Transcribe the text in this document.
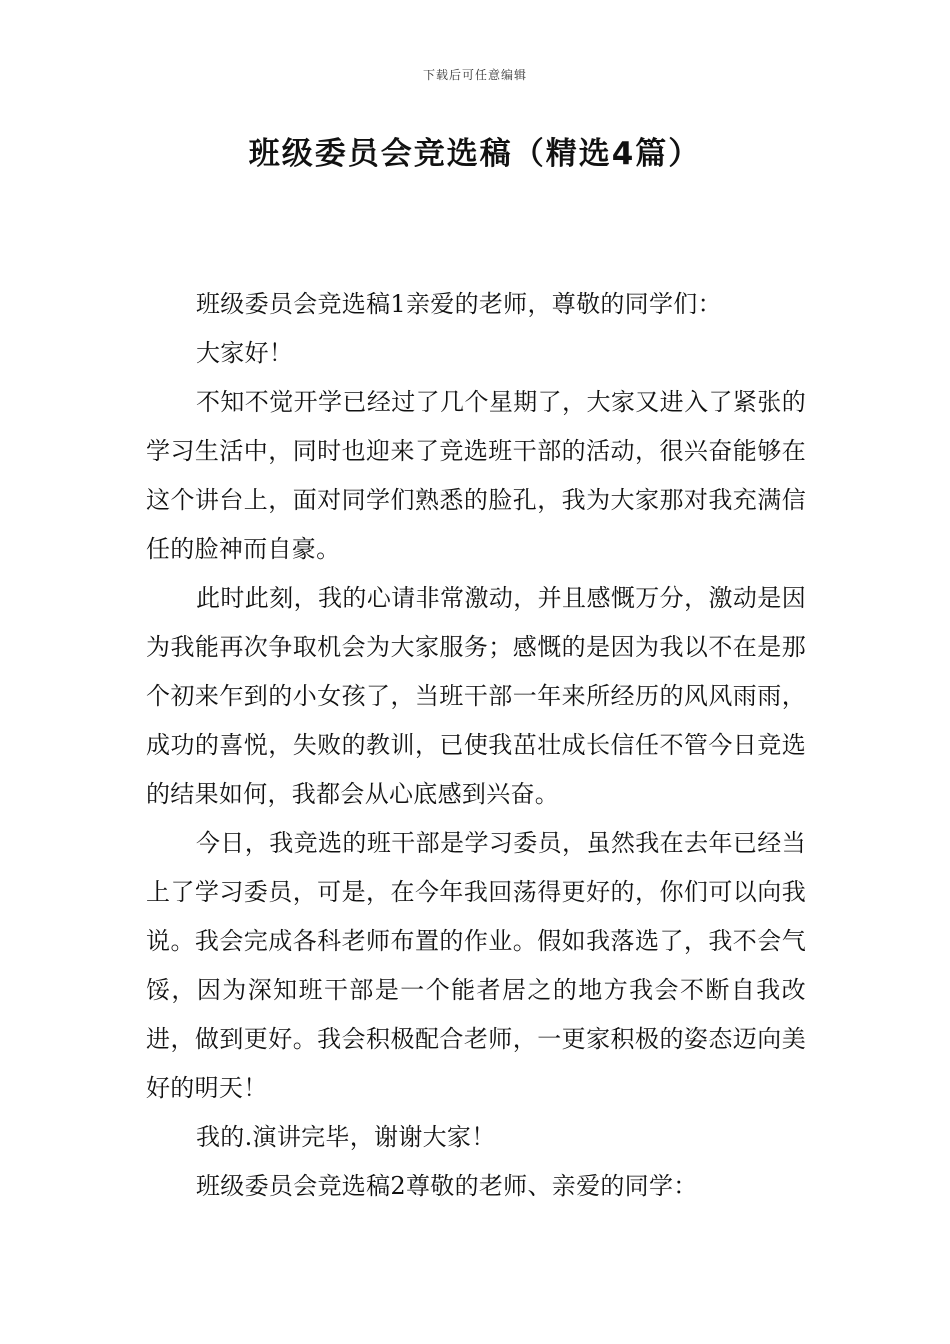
下载后可任意编辑
班级委员会竞选稿（精选4篇）

班级委员会竞选稿1亲爱的老师，尊敬的同学们：

大家好！

不知不觉开学已经过了几个星期了，大家又进入了紧张的学习生活中，同时也迎来了竞选班干部的活动，很兴奋能够在这个讲台上，面对同学们熟悉的脸孔，我为大家那对我充满信任的脸神而自豪。

此时此刻，我的心请非常激动，并且感慨万分，激动是因为我能再次争取机会为大家服务；感慨的是因为我以不在是那个初来乍到的小女孩了，当班干部一年来所经历的风风雨雨，成功的喜悦，失败的教训，已使我茁壮成长信任不管今日竞选的结果如何，我都会从心底感到兴奋。

今日，我竞选的班干部是学习委员，虽然我在去年已经当上了学习委员，可是，在今年我回荡得更好的，你们可以向我说。我会完成各科老师布置的作业。假如我落选了，我不会气馁，因为深知班干部是一个能者居之的地方我会不断自我改进，做到更好。我会积极配合老师，一更家积极的姿态迈向美好的明天！

我的.演讲完毕，谢谢大家！

班级委员会竞选稿2尊敬的老师、亲爱的同学：
